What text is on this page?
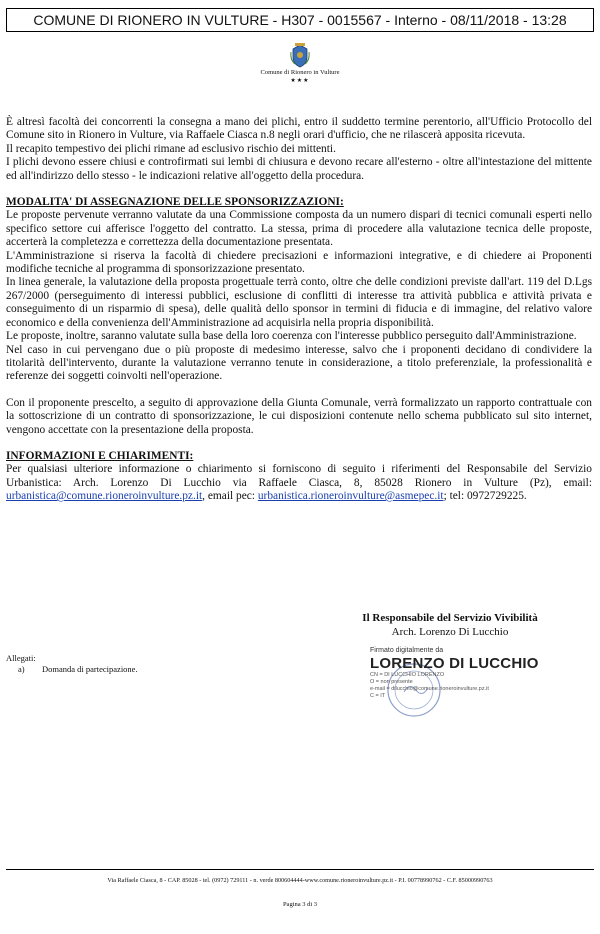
COMUNE DI RIONERO IN VULTURE - H307 - 0015567 - Interno - 08/11/2018 - 13:28
Comune di Rionero in Vulture
★★★

È altresì facoltà dei concorrenti la consegna a mano dei plichi, entro il suddetto termine perentorio, all'Ufficio Protocollo del Comune sito in Rionero in Vulture, via Raffaele Ciasca n.8 negli orari d'ufficio, che ne rilascerà apposita ricevuta.

Il recapito tempestivo dei plichi rimane ad esclusivo rischio dei mittenti.

I plichi devono essere chiusi e controfirmati sui lembi di chiusura e devono recare all'esterno - oltre all'intestazione del mittente ed all'indirizzo dello stesso - le indicazioni relative all'oggetto della procedura.

MODALITA' DI ASSEGNAZIONE DELLE SPONSORIZZAZIONI:

Le proposte pervenute verranno valutate da una Commissione composta da un numero dispari di tecnici comunali esperti nello specifico settore cui afferisce l'oggetto del contratto. La stessa, prima di procedere alla valutazione tecnica delle proposte, accerterà la completezza e correttezza della documentazione presentata.

L'Amministrazione si riserva la facoltà di chiedere precisazioni e informazioni integrative, e di chiedere ai Proponenti modifiche tecniche al programma di sponsorizzazione presentato.

In linea generale, la valutazione della proposta progettuale terrà conto, oltre che delle condizioni previste dall'art. 119 del D.Lgs 267/2000 (perseguimento di interessi pubblici, esclusione di conflitti di interesse tra attività pubblica e attività privata e conseguimento di un risparmio di spesa), delle qualità dello sponsor in termini di fiducia e di immagine, del relativo valore economico e della convenienza dell'Amministrazione ad acquisirla nella propria disponibilità.

Le proposte, inoltre, saranno valutate sulla base della loro coerenza con l'interesse pubblico perseguito dall'Amministrazione.

Nel caso in cui pervengano due o più proposte di medesimo interesse, salvo che i proponenti decidano di condividere la titolarità dell'intervento, durante la valutazione verranno tenute in considerazione, a titolo preferenziale, la professionalità e referenze dei soggetti coinvolti nell'operazione.

Con il proponente prescelto, a seguito di approvazione della Giunta Comunale, verrà formalizzato un rapporto contrattuale con la sottoscrizione di un contratto di sponsorizzazione, le cui disposizioni contenute nello schema pubblicato sul sito internet, vengono accettate con la presentazione della proposta.

INFORMAZIONI E CHIARIMENTI:

Per qualsiasi ulteriore informazione o chiarimento si forniscono di seguito i riferimenti del Responsabile del Servizio Urbanistica: Arch. Lorenzo Di Lucchio via Raffaele Ciasca, 8, 85028 Rionero in Vulture (Pz), email: urbanistica@comune.rioneroinvulture.pz.it, email pec: urbanistica.rioneroinvulture@asmepec.it; tel: 0972729225.

Il Responsabile del Servizio Vivibilità
Arch. Lorenzo Di Lucchio
Allegati:
a)	Domanda di partecipazione.
Firmato digitalmente da
LORENZO DI LUCCHIO
CN = DI LUCCHIO LORENZO
O = non presente
e-mail = dilucchio@comune.rioneroinvulture.pz.it
C = IT
Via Raffaele Ciasca, 8 - CAP. 85028 - tel. (0972) 729111 - n. verde 800604444-www.comune.rioneroinvulture.pz.it - P.I. 00778990762 - C.F. 85000990763
Pagina 3 di 3
